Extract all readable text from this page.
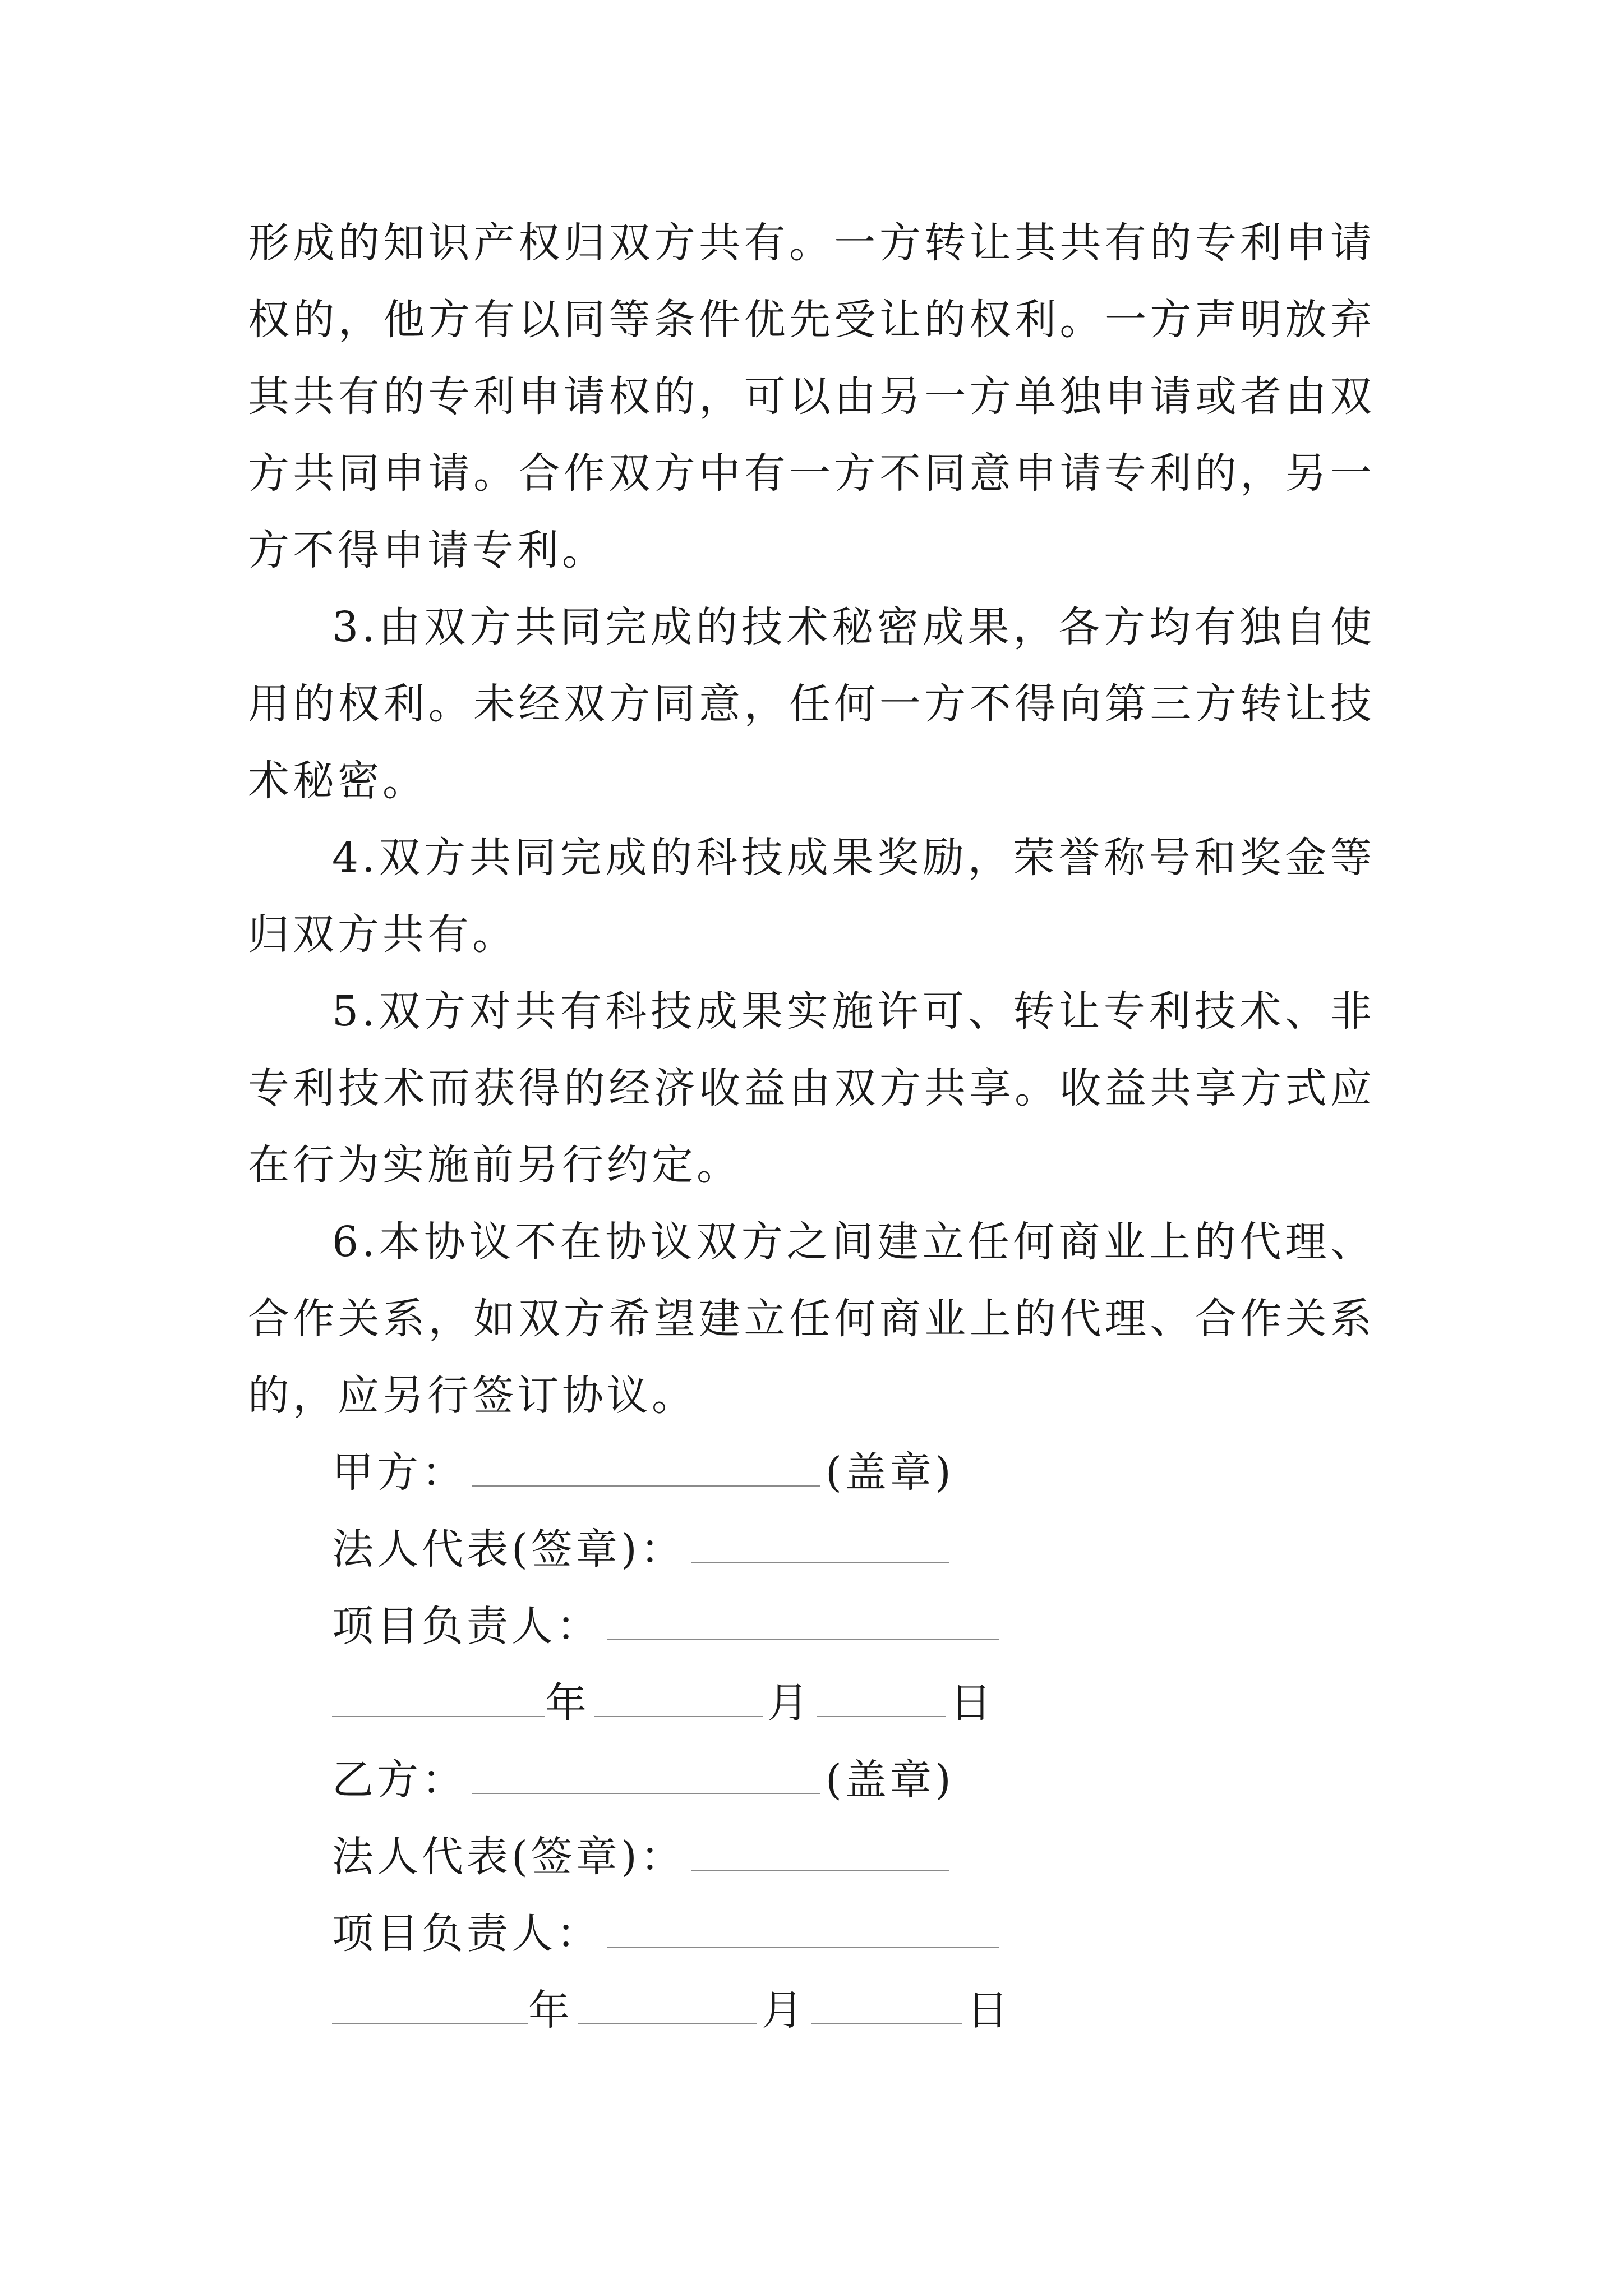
形成的知识产权归双方共有。一方转让其共有的专利申请权的，他方有以同等条件优先受让的权利。一方声明放弃其共有的专利申请权的，可以由另一方单独申请或者由双方共同申请。合作双方中有一方不同意申请专利的，另一方不得申请专利。

3.由双方共同完成的技术秘密成果，各方均有独自使用的权利。未经双方同意，任何一方不得向第三方转让技术秘密。

4.双方共同完成的科技成果奖励，荣誉称号和奖金等归双方共有。

5.双方对共有科技成果实施许可、转让专利技术、非专利技术而获得的经济收益由双方共享。收益共享方式应在行为实施前另行约定。

6.本协议不在协议双方之间建立任何商业上的代理、合作关系，如双方希望建立任何商业上的代理、合作关系的，应另行签订协议。

甲方：	(盖章)

法人代表(签章)：

项目负责人：

年	月	日

乙方：	(盖章)

法人代表(签章)：

项目负责人：

年	月	日
